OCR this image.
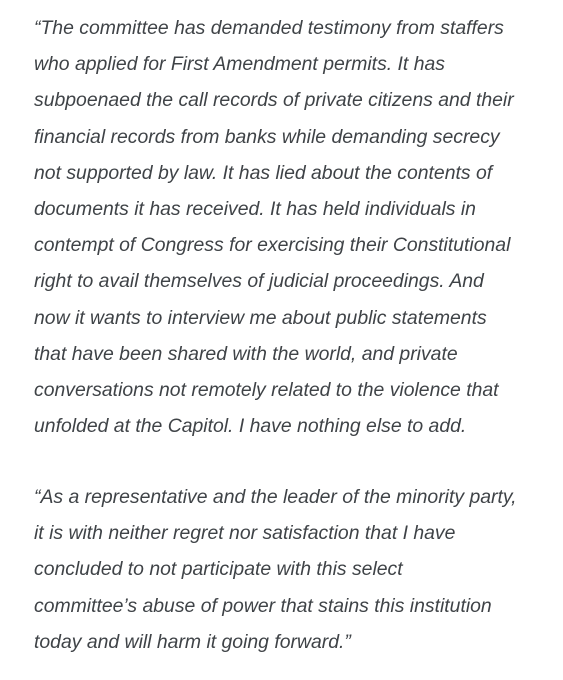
“The committee has demanded testimony from staffers
who applied for First Amendment permits. It has
subpoenaed the call records of private citizens and their
financial records from banks while demanding secrecy
not supported by law. It has lied about the contents of
documents it has received. It has held individuals in
contempt of Congress for exercising their Constitutional
right to avail themselves of judicial proceedings. And
now it wants to interview me about public statements
that have been shared with the world, and private
conversations not remotely related to the violence that
unfolded at the Capitol. I have nothing else to add.

“As a representative and the leader of the minority party,
it is with neither regret nor satisfaction that I have
concluded to not participate with this select
committee’s abuse of power that stains this institution
today and will harm it going forward.”
